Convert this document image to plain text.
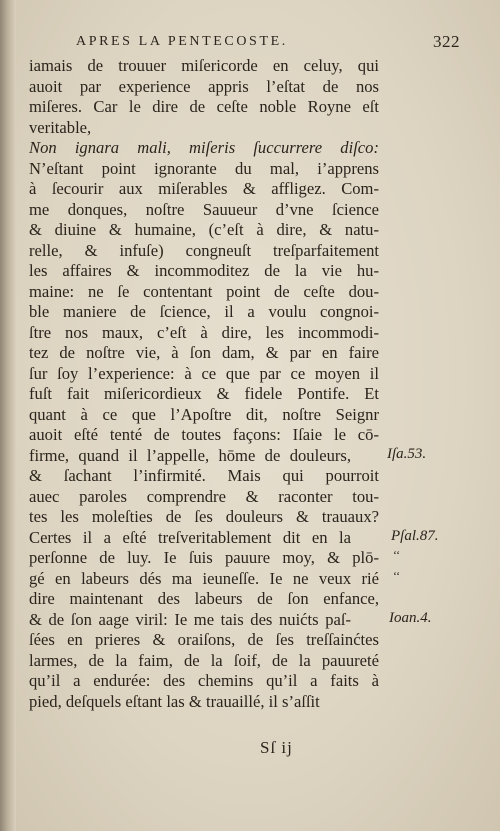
APRES LA PENTECOSTE.	322
iamais de trouuer miſericorde en celuy, qui
auoit par experience appris l’eſtat de nos
miſeres. Car le dire de ceſte noble Royne eſt
veritable,
Non ignara mali, miſeris ſuccurrere diſco:
N’eſtant point ignorante du mal, i’apprens
à ſecourir aux miſerables & affligez. Com-
me donques, noſtre Sauueur d’vne ſcience
& diuine & humaine, (c’eſt à dire, & natu-
relle, & infuſe) congneuſt treſparfaitement
les affaires & incommoditez de la vie hu-
maine: ne ſe contentant point de ceſte dou-
ble maniere de ſcience, il a voulu congnoi-
ſtre nos maux, c’eſt à dire, les incommodi-
tez de noſtre vie, à ſon dam, & par en faire
ſur ſoy l’experience: à ce que par ce moyen il
fuſt fait miſericordieux & fidele Pontife. Et
quant à ce que l’Apoſtre dit, noſtre Seignr
auoit eſté tenté de toutes façons: Iſaie le cō-
firme, quand il l’appelle, hōme de douleurs,
& ſachant l’infirmité. Mais qui pourroit
auec paroles comprendre & raconter tou-
tes les moleſties de ſes douleurs & trauaux?
Certes il a eſté treſveritablement dit en la
perſonne de luy. Ie ſuis pauure moy, & plō-
gé en labeurs dés ma ieuneſſe. Ie ne veux rié
dire maintenant des labeurs de ſon enfance,
& de ſon aage viril: Ie me tais des nuićts paſ-
ſées en prieres & oraiſons, de ſes treſſainćtes
larmes, de la faim, de la ſoif, de la pauureté
qu’il a endurée: des chemins qu’il a faits à
pied, deſquels eſtant las & trauaillé, il s’aſſit
Iſa.53.
Pſal.87.
‘‘
‘‘
Ioan.4.
Sſ ij
